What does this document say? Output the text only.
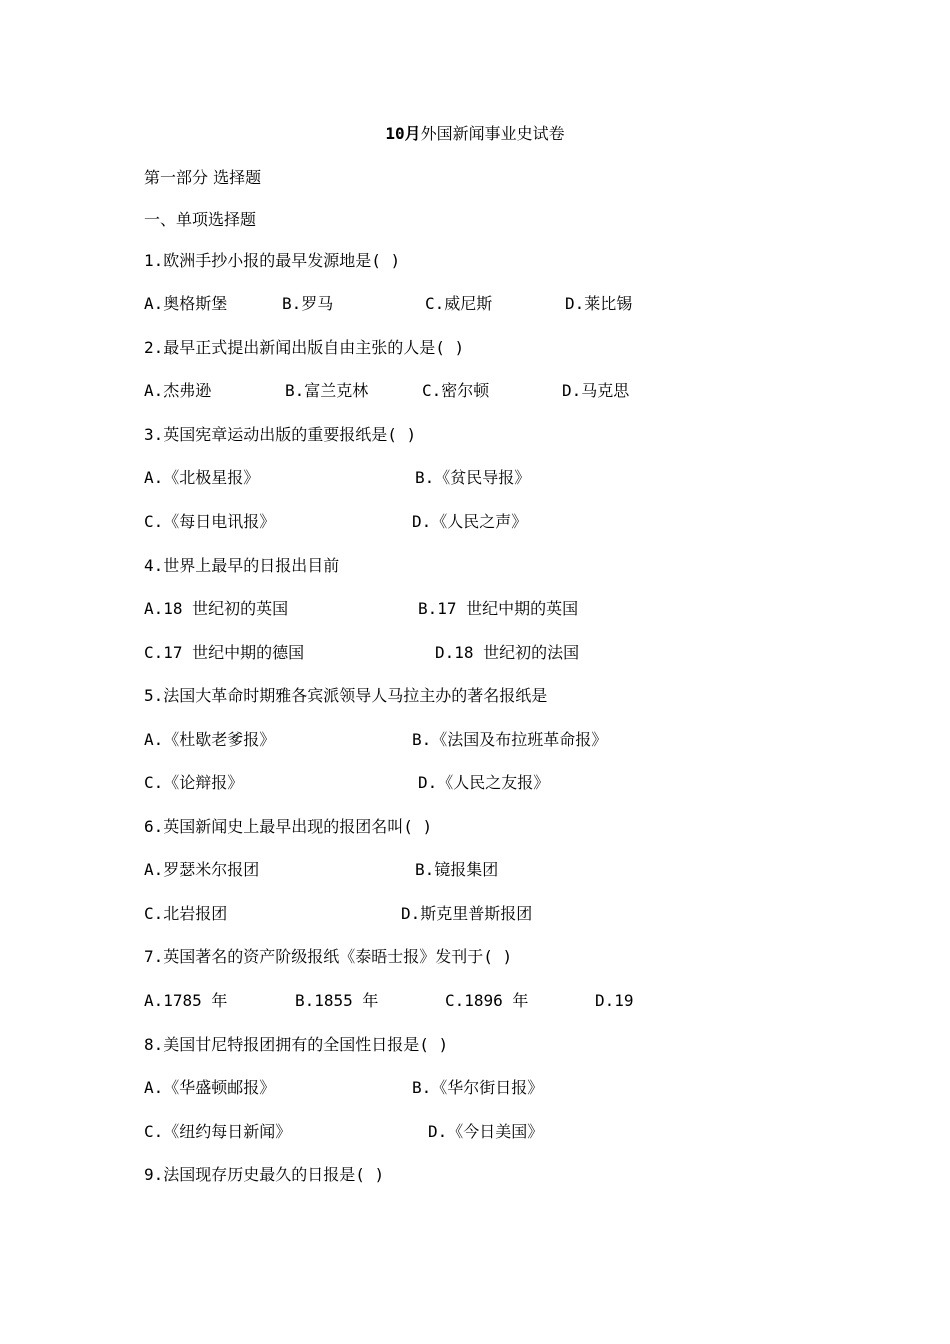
10月外国新闻事业史试卷
第一部分 选择题
一、单项选择题
1.欧洲手抄小报的最早发源地是( )
A.奥格斯堡	B.罗马	C.威尼斯	D.莱比锡
2.最早正式提出新闻出版自由主张的人是( )
A.杰弗逊	B.富兰克林	C.密尔顿	D.马克思
3.英国宪章运动出版的重要报纸是( )
A.《北极星报》	B.《贫民导报》
C.《每日电讯报》	D.《人民之声》
4.世界上最早的日报出目前
A.18 世纪初的英国	B.17 世纪中期的英国
C.17 世纪中期的德国	D.18 世纪初的法国
5.法国大革命时期雅各宾派领导人马拉主办的著名报纸是
A.《杜歇老爹报》	B.《法国及布拉班革命报》
C.《论辩报》	D.《人民之友报》
6.英国新闻史上最早出现的报团名叫( )
A.罗瑟米尔报团	B.镜报集团
C.北岩报团	D.斯克里普斯报团
7.英国著名的资产阶级报纸《泰晤士报》发刊于( )
A.1785 年	B.1855 年	C.1896 年	D.19
8.美国甘尼特报团拥有的全国性日报是( )
A.《华盛顿邮报》	B.《华尔街日报》
C.《纽约每日新闻》	D.《今日美国》
9.法国现存历史最久的日报是( )
